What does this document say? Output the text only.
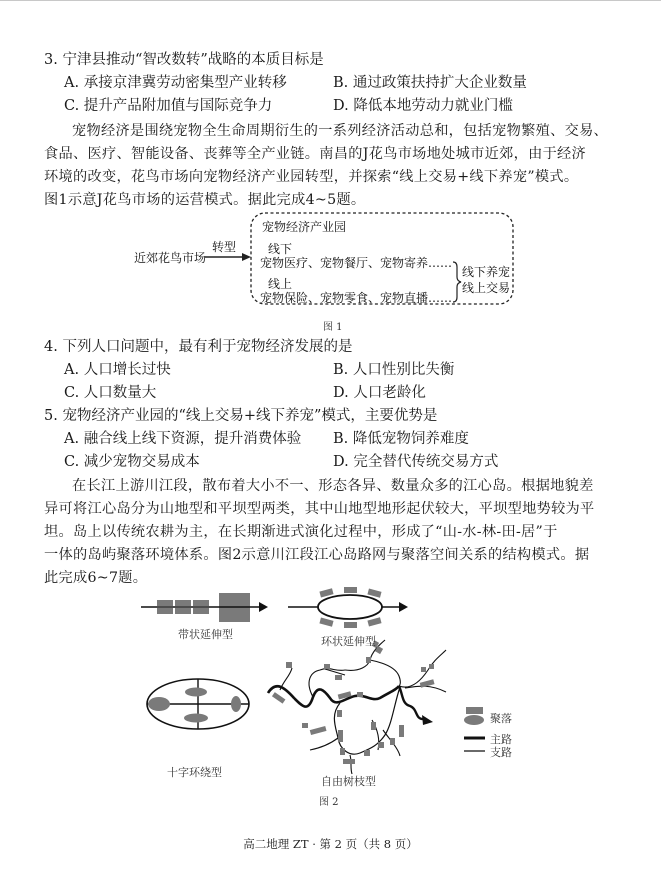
3. 宁津县推动“智改数转”战略的本质目标是
A. 承接京津冀劳动密集型产业转移	B. 通过政策扶持扩大企业数量
C. 提升产品附加值与国际竞争力	D. 降低本地劳动力就业门槛
宠物经济是围绕宠物全生命周期衍生的一系列经济活动总和，包括宠物繁殖、交易、
食品、医疗、智能设备、丧葬等全产业链。南昌的J花鸟市场地处城市近郊，由于经济
环境的改变，花鸟市场向宠物经济产业园转型，并探索“线上交易+线下养宠”模式。
图1示意J花鸟市场的运营模式。据此完成4~5题。
近郊花鸟市场
转型
宠物经济产业园
线下
宠物医疗、宠物餐厅、宠物寄养……
线上
宠物保险、宠物零食、宠物直播……
线下养宠
线上交易
图 1
4. 下列人口问题中，最有利于宠物经济发展的是
A. 人口增长过快	B. 人口性别比失衡
C. 人口数量大	D. 人口老龄化
5. 宠物经济产业园的“线上交易+线下养宠”模式，主要优势是
A. 融合线上线下资源，提升消费体验 B. 降低宠物饲养难度
C. 减少宠物交易成本	D. 完全替代传统交易方式
在长江上游川江段，散布着大小不一、形态各异、数量众多的江心岛。根据地貌差
异可将江心岛分为山地型和平坝型两类，其中山地型地形起伏较大，平坝型地势较为平
坦。岛上以传统农耕为主，在长期渐进式演化过程中，形成了“山-水-林-田-居”于
一体的岛屿聚落环境体系。图2示意川江段江心岛路网与聚落空间关系的结构模式。据
此完成6~7题。
带状延伸型
环状延伸型
十字环绕型
自由树枝型
聚落
主路
支路
图 2
高二地理 ZT · 第 2 页（共 8 页）
